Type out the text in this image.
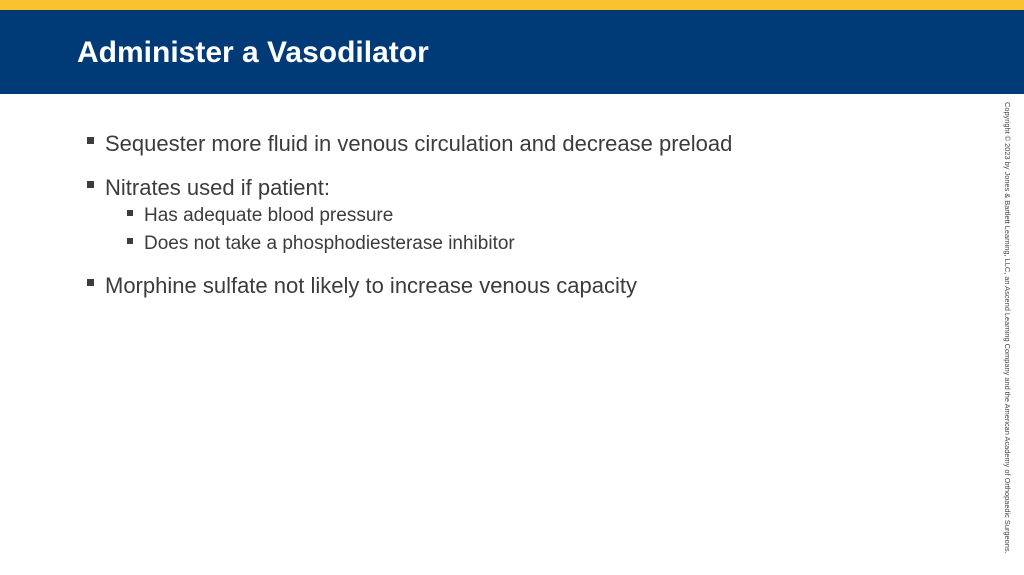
Administer a Vasodilator
Sequester more fluid in venous circulation and decrease preload
Nitrates used if patient:
Has adequate blood pressure
Does not take a phosphodiesterase inhibitor
Morphine sulfate not likely to increase venous capacity	Copyright © 2023 by Jones & Bartlett Learning, LLC, an Ascend Learning Company and the American Academy of Orthopaedic Surgeons.
